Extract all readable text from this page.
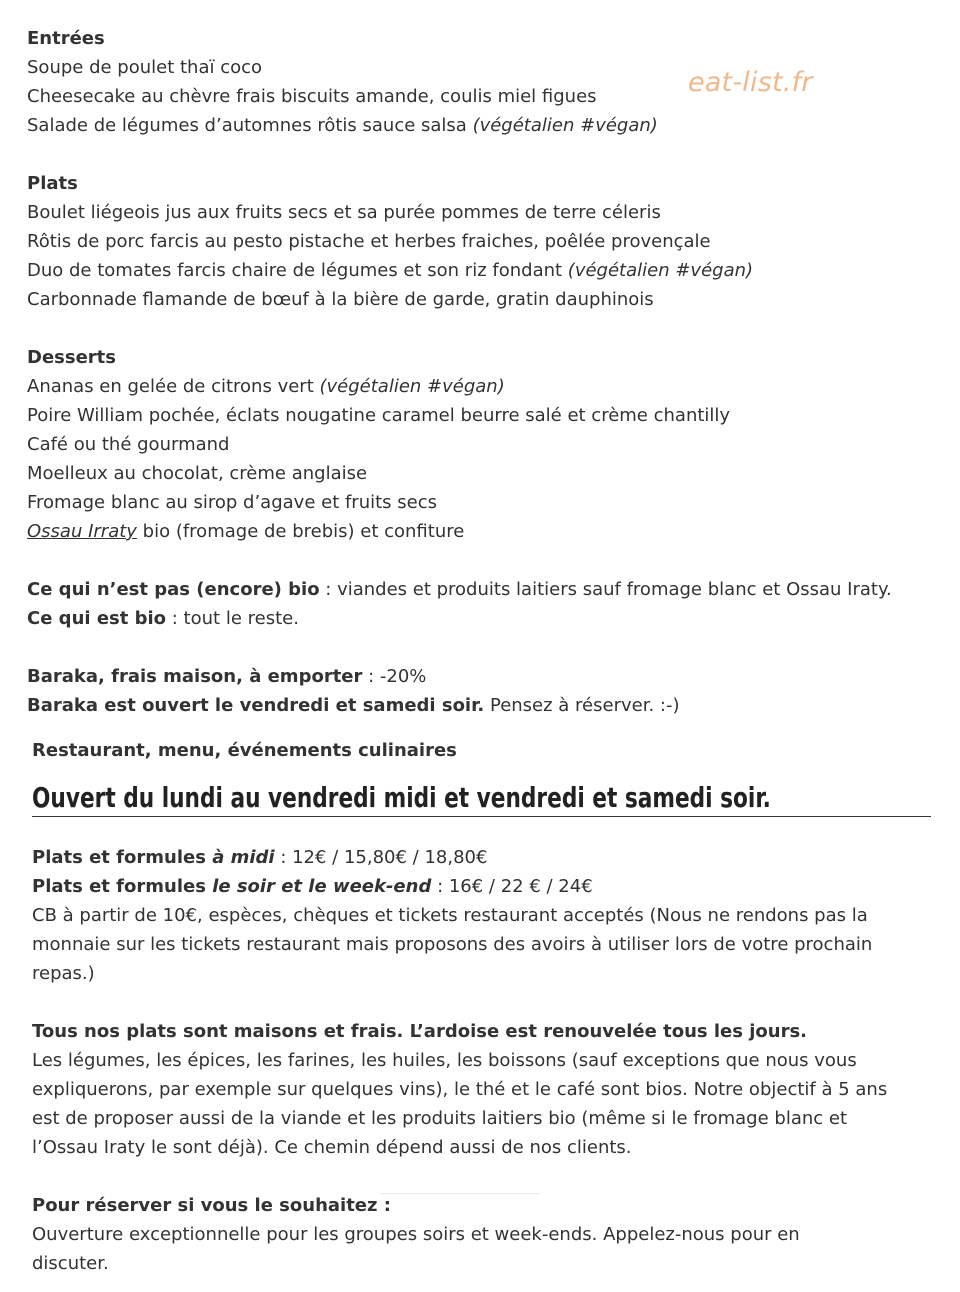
eat-list.fr
Entrées
Soupe de poulet thaï coco
Cheesecake au chèvre frais biscuits amande, coulis miel figues
Salade de légumes d’automnes rôtis sauce salsa (végétalien #végan)
Plats
Boulet liégeois jus aux fruits secs et sa purée pommes de terre céleris
Rôtis de porc farcis au pesto pistache et herbes fraiches, poêlée provençale
Duo de tomates farcis chaire de légumes et son riz fondant (végétalien #végan)
Carbonnade flamande de bœuf à la bière de garde, gratin dauphinois
Desserts
Ananas en gelée de citrons vert (végétalien #végan)
Poire William pochée, éclats nougatine caramel beurre salé et crème chantilly
Café ou thé gourmand
Moelleux au chocolat, crème anglaise
Fromage blanc au sirop d’agave et fruits secs
Ossau Irraty bio (fromage de brebis) et confiture
Ce qui n’est pas (encore) bio : viandes et produits laitiers sauf fromage blanc et Ossau Iraty.
Ce qui est bio : tout le reste.
Baraka, frais maison, à emporter : -20%
Baraka est ouvert le vendredi et samedi soir. Pensez à réserver. :-)
Restaurant, menu, événements culinaires
Ouvert du lundi au vendredi midi et vendredi et samedi soir.
Plats et formules à midi : 12€ / 15,80€ / 18,80€
Plats et formules le soir et le week-end : 16€ / 22 € / 24€
CB à partir de 10€, espèces, chèques et tickets restaurant acceptés (Nous ne rendons pas la
monnaie sur les tickets restaurant mais proposons des avoirs à utiliser lors de votre prochain
repas.)
Tous nos plats sont maisons et frais. L’ardoise est renouvelée tous les jours.
Les légumes, les épices, les farines, les huiles, les boissons (sauf exceptions que nous vous
expliquerons, par exemple sur quelques vins), le thé et le café sont bios. Notre objectif à 5 ans
est de proposer aussi de la viande et les produits laitiers bio (même si le fromage blanc et
l’Ossau Iraty le sont déjà). Ce chemin dépend aussi de nos clients.
Pour réserver si vous le souhaitez :
Ouverture exceptionnelle pour les groupes soirs et week-ends. Appelez-nous pour en
discuter.
